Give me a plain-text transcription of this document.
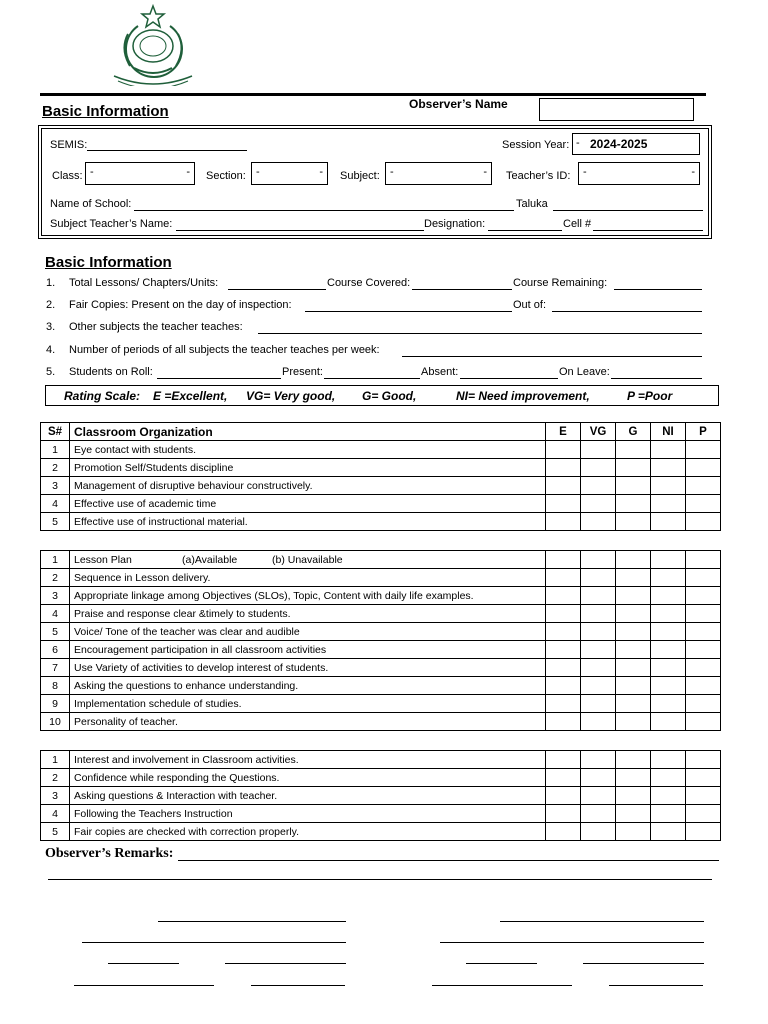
Basic Information	Observer’s Name
SEMIS:	Session Year: - 2024-2025
Class: -	- Section: -	- Subject: -	- Teacher’s ID: -	-
Name of School:	Taluka
Subject Teacher’s Name:	Designation:	Cell #
Basic Information
1. Total Lessons/ Chapters/Units:	Course Covered:	Course Remaining:
2. Fair Copies: Present on the day of inspection:	Out of:
3. Other subjects the teacher teaches:
4. Number of periods of all subjects the teacher teaches per week:
5. Students on Roll:	Present:	Absent:	On Leave:
Rating Scale: E =Excellent, VG= Very good, G= Good,	NI= Need improvement,	P =Poor
S#	Classroom Organization	E	VG	G	NI	P
1	Eye contact with students.					
2	Promotion Self/Students discipline					
3	Management of disruptive behaviour constructively.					
4	Effective use of academic time					
5	Effective use of instructional material.					
1	Lesson Plan (a)Available (b) Unavailable					
2	Sequence in Lesson delivery.					
3	Appropriate linkage among Objectives (SLOs), Topic, Content with daily life examples.					
4	Praise and response clear &timely to students.					
5	Voice/ Tone of the teacher was clear and audible					
6	Encouragement participation in all classroom activities					
7	Use Variety of activities to develop interest of students.					
8	Asking the questions to enhance understanding.					
9	Implementation schedule of studies.					
10	Personality of teacher.					
1	Interest and involvement in Classroom activities.					
2	Confidence while responding the Questions.					
3	Asking questions & Interaction with teacher.					
4	Following the Teachers Instruction					
5	Fair copies are checked with correction properly.					
Observer’s Remarks:
